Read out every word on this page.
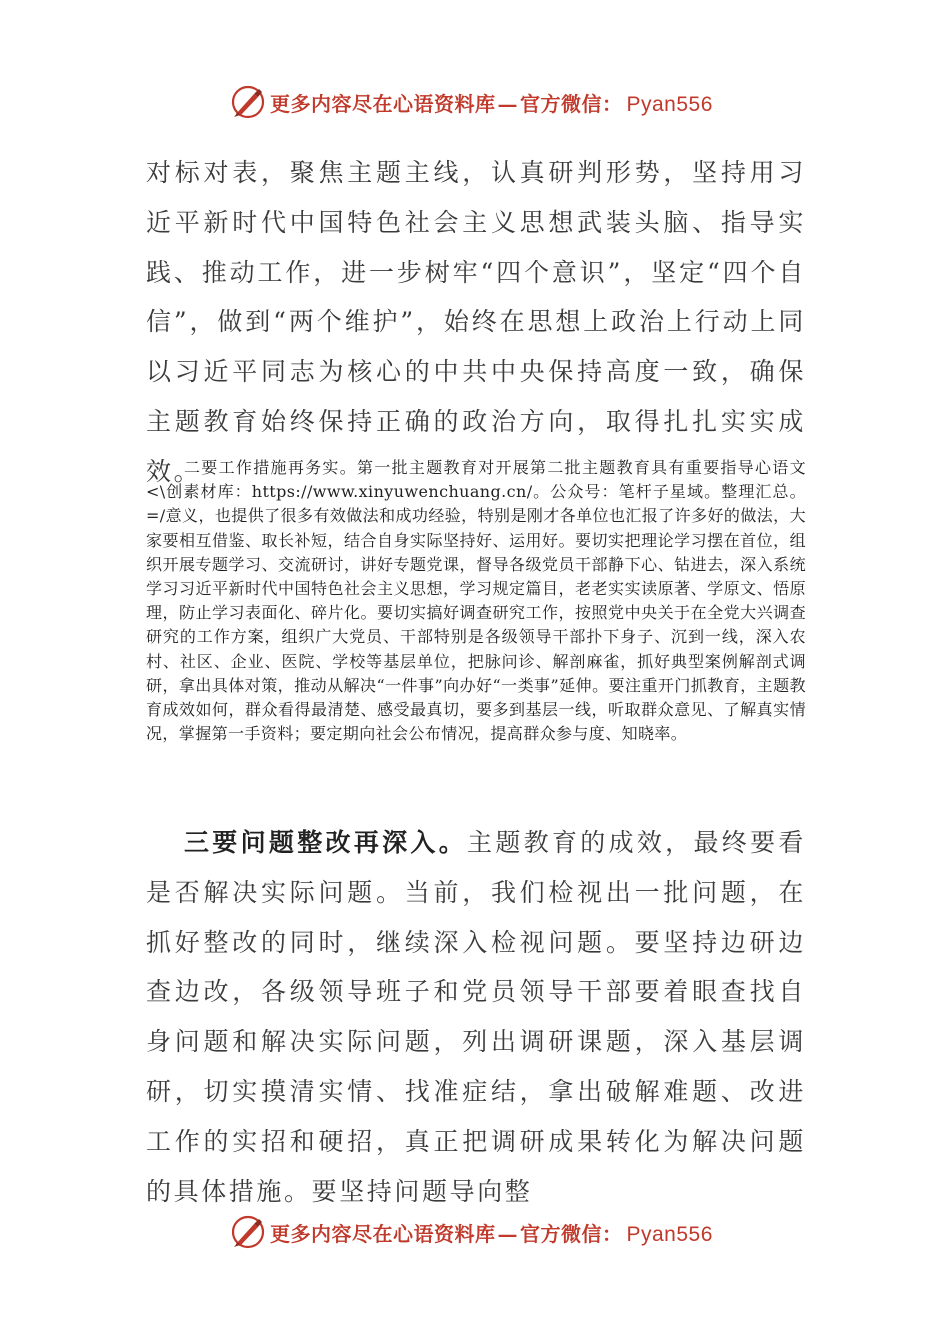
更多内容尽在心语资料库 — 官方微信： Pyan556

对标对表，聚焦主题主线，认真研判形势，坚持用习近平新时代中国特色社会主义思想武装头脑、指导实践、推动工作，进一步树牢“四个意识”，坚定“四个自信”，做到“两个维护”，始终在思想上政治上行动上同以习近平同志为核心的中共中央保持高度一致，确保主题教育始终保持正确的政治方向，取得扎扎实实成效。

二要工作措施再务实。第一批主题教育对开展第二批主题教育具有重要指导心语文<\创素材库：https://www.xinyuwenchuang.cn/。公众号：笔杆子星域。整理汇总。=/意义，也提供了很多有效做法和成功经验，特别是刚才各单位也汇报了许多好的做法，大家要相互借鉴、取长补短，结合自身实际坚持好、运用好。要切实把理论学习摆在首位，组织开展专题学习、交流研讨，讲好专题党课，督导各级党员干部静下心、钻进去，深入系统学习习近平新时代中国特色社会主义思想，学习规定篇目，老老实实读原著、学原文、悟原理，防止学习表面化、碎片化。要切实搞好调查研究工作，按照党中央关于在全党大兴调查研究的工作方案，组织广大党员、干部特别是各级领导干部扑下身子、沉到一线，深入农村、社区、企业、医院、学校等基层单位，把脉问诊、解剖麻雀，抓好典型案例解剖式调研，拿出具体对策，推动从解决“一件事”向办好“一类事”延伸。要注重开门抓教育，主题教育成效如何，群众看得最清楚、感受最真切，要多到基层一线，听取群众意见、了解真实情况，掌握第一手资料；要定期向社会公布情况，提高群众参与度、知晓率。

三要问题整改再深入。主题教育的成效，最终要看是否解决实际问题。当前，我们检视出一批问题，在抓好整改的同时，继续深入检视问题。要坚持边研边查边改，各级领导班子和党员领导干部要着眼查找自身问题和解决实际问题，列出调研课题，深入基层调研，切实摸清实情、找准症结，拿出破解难题、改进工作的实招和硬招，真正把调研成果转化为解决问题的具体措施。要坚持问题导向整

更多内容尽在心语资料库 — 官方微信： Pyan556
